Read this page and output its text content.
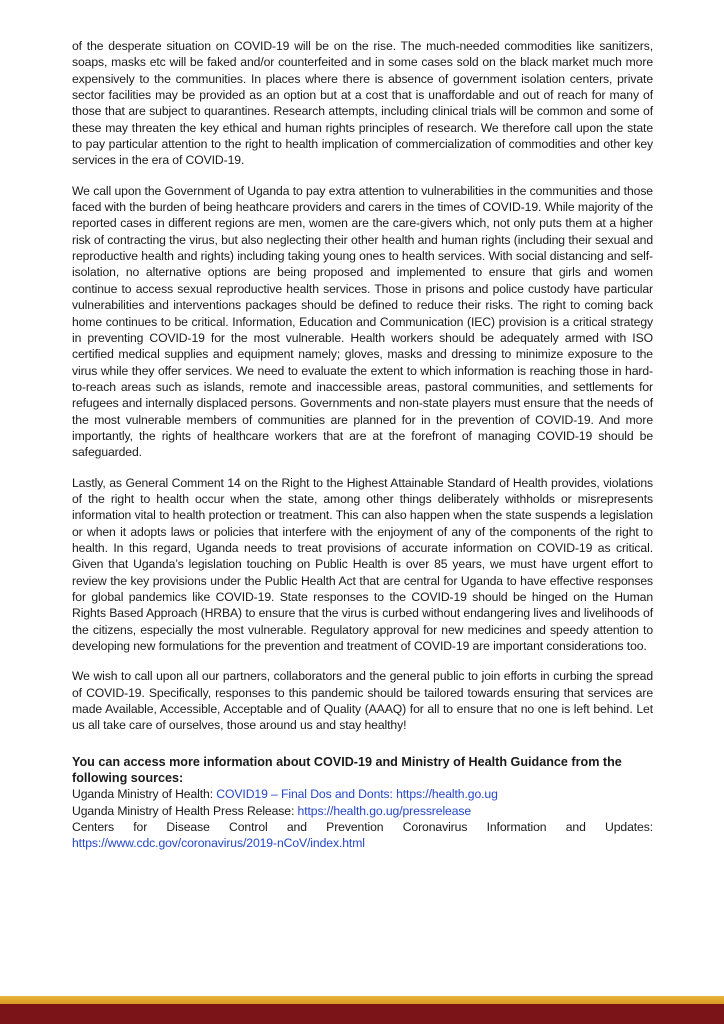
of the desperate situation on COVID-19 will be on the rise. The much-needed commodities like sanitizers, soaps, masks etc will be faked and/or counterfeited and in some cases sold on the black market much more expensively to the communities. In places where there is absence of government isolation centers, private sector facilities may be provided as an option but at a cost that is unaffordable and out of reach for many of those that are subject to quarantines. Research attempts, including clinical trials will be common and some of these may threaten the key ethical and human rights principles of research. We therefore call upon the state to pay particular attention to the right to health implication of commercialization of commodities and other key services in the era of COVID-19.

We call upon the Government of Uganda to pay extra attention to vulnerabilities in the communities and those faced with the burden of being heathcare providers and carers in the times of COVID-19. While majority of the reported cases in different regions are men, women are the care-givers which, not only puts them at a higher risk of contracting the virus, but also neglecting their other health and human rights (including their sexual and reproductive health and rights) including taking young ones to health services. With social distancing and self-isolation, no alternative options are being proposed and implemented to ensure that girls and women continue to access sexual reproductive health services. Those in prisons and police custody have particular vulnerabilities and interventions packages should be defined to reduce their risks. The right to coming back home continues to be critical. Information, Education and Communication (IEC) provision is a critical strategy in preventing COVID-19 for the most vulnerable. Health workers should be adequately armed with ISO certified medical supplies and equipment namely; gloves, masks and dressing to minimize exposure to the virus while they offer services. We need to evaluate the extent to which information is reaching those in hard-to-reach areas such as islands, remote and inaccessible areas, pastoral communities, and settlements for refugees and internally displaced persons. Governments and non-state players must ensure that the needs of the most vulnerable members of communities are planned for in the prevention of COVID-19. And more importantly, the rights of healthcare workers that are at the forefront of managing COVID-19 should be safeguarded.

Lastly, as General Comment 14 on the Right to the Highest Attainable Standard of Health provides, violations of the right to health occur when the state, among other things deliberately withholds or misrepresents information vital to health protection or treatment. This can also happen when the state suspends a legislation or when it adopts laws or policies that interfere with the enjoyment of any of the components of the right to health. In this regard, Uganda needs to treat provisions of accurate information on COVID-19 as critical. Given that Uganda’s legislation touching on Public Health is over 85 years, we must have urgent effort to review the key provisions under the Public Health Act that are central for Uganda to have effective responses for global pandemics like COVID-19. State responses to the COVID-19 should be hinged on the Human Rights Based Approach (HRBA) to ensure that the virus is curbed without endangering lives and livelihoods of the citizens, especially the most vulnerable. Regulatory approval for new medicines and speedy attention to developing new formulations for the prevention and treatment of COVID-19 are important considerations too.

We wish to call upon all our partners, collaborators and the general public to join efforts in curbing the spread of COVID-19. Specifically, responses to this pandemic should be tailored towards ensuring that services are made Available, Accessible, Acceptable and of Quality (AAAQ) for all to ensure that no one is left behind. Let us all take care of ourselves, those around us and stay healthy!

You can access more information about COVID-19 and Ministry of Health Guidance from the following sources:

Uganda Ministry of Health: COVID19 – Final Dos and Donts: https://health.go.ug

Uganda Ministry of Health Press Release: https://health.go.ug/pressrelease

Centers for Disease Control and Prevention Coronavirus Information and Updates: https://www.cdc.gov/coronavirus/2019-nCoV/index.html
